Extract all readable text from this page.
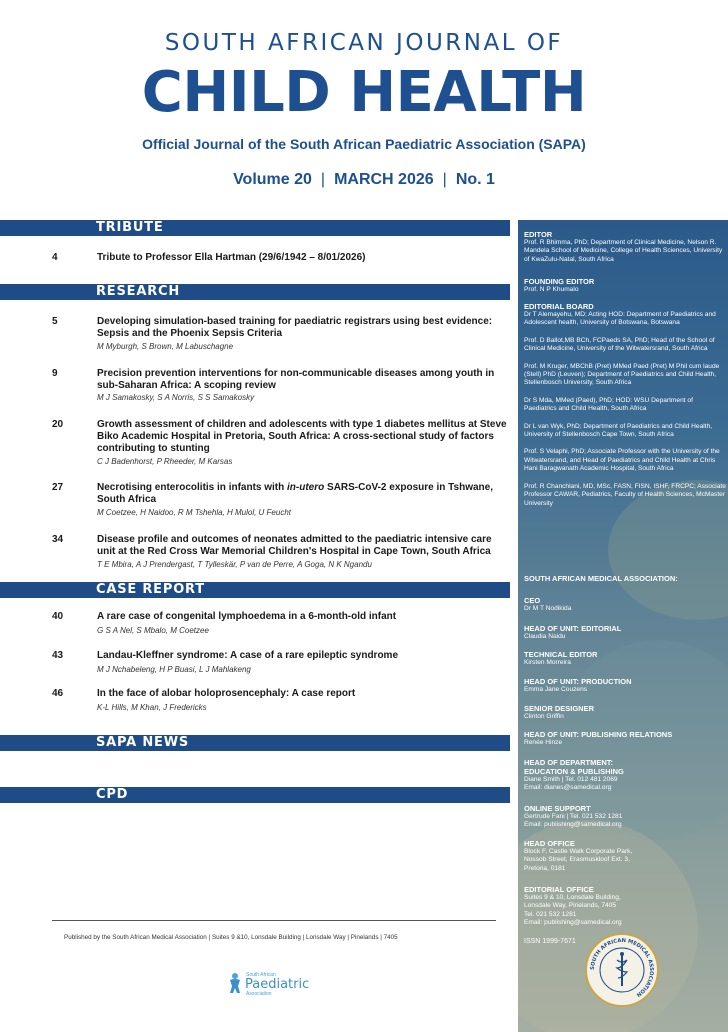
SOUTH AFRICAN JOURNAL OF
CHILD HEALTH
Official Journal of the South African Paediatric Association (SAPA)
Volume 20 | MARCH 2026 | No. 1
TRIBUTE
4	Tribute to Professor Ella Hartman (29/6/1942 – 8/01/2026)
RESEARCH
5	Developing simulation-based training for paediatric registrars using best evidence: Sepsis and the Phoenix Sepsis Criteria
M Myburgh, S Brown, M Labuschagne
9	Precision prevention interventions for non-communicable diseases among youth in sub-Saharan Africa: A scoping review
M J Samakosky, S A Norris, S S Samakosky
20	Growth assessment of children and adolescents with type 1 diabetes mellitus at Steve Biko Academic Hospital in Pretoria, South Africa: A cross-sectional study of factors contributing to stunting
C J Badenhorst, P Rheeder, M Karsas
27	Necrotising enterocolitis in infants with in-utero SARS-CoV-2 exposure in Tshwane, South Africa
M Coetzee, H Naidoo, R M Tshehla, H Mulol, U Feucht
34	Disease profile and outcomes of neonates admitted to the paediatric intensive care unit at the Red Cross War Memorial Children's Hospital in Cape Town, South Africa
T E Mbira, A J Prendergast, T Tylleskär, P van de Perre, A Goga, N K Ngandu
CASE REPORT
40	A rare case of congenital lymphoedema in a 6-month-old infant
G S A Nel, S Mbalo, M Coetzee
43	Landau-Kleffner syndrome: A case of a rare epileptic syndrome
M J Nchabeleng, H P Buasi, L J Mahlakeng
46	In the face of alobar holoprosencephaly: A case report
K-L Hills, M Khan, J Fredericks
SAPA NEWS
CPD
Published by the South African Medical Association | Suites 9 &10, Lonsdale Building | Lonsdale Way | Pinelands | 7405
South African
Paediatric
Association
EDITOR
Prof. R Bhimma, PhD; Department of Clinical Medicine, Nelson R. Mandela School of Medicine, College of Health Sciences, University of KwaZulu-Natal, South Africa
FOUNDING EDITOR
Prof. N P Khumalo
EDITORIAL BOARD
Dr T Alemayehu, MD; Acting HOD: Department of Paediatrics and Adolescent health, University of Botswana, Botswana
Prof. D Ballot,MB BCh, FCPaeds SA, PhD; Head of the School of Clinical Medicine, University of the Witwatersrand, South Africa
Prof. M Kruger, MBChB (Pret) MMed Paed (Pret) M Phil cum laude (Stell) PhD (Leuven); Department of Paediatrics and Child Health, Stellenbosch University, South Africa
Dr S Mda, MMed (Paed), PhD; HOD: WSU Department of Paediatrics and Child Health, South Africa
Dr L van Wyk, PhD; Department of Paediatrics and Child Health, University of Stellenbosch Cape Town, South Africa
Prof. S Velaphi, PhD; Associate Professor with the University of the Witwatersrand, and Head of Paediatrics and Child Health at Chris Hani Baragwanath Academic Hospital, South Africa
Prof. R Chanchlani, MD, MSc, FASN, FISN, ISHF, FRCPC; Associate Professor CAWAR, Pediatrics, Faculty of Health Sciences, McMaster University
SOUTH AFRICAN MEDICAL ASSOCIATION:
CEO
Dr M T Nodikida
HEAD OF UNIT: EDITORIAL
Claudia Naidu
TECHNICAL EDITOR
Kirsten Morreira
HEAD OF UNIT: PRODUCTION
Emma Jane Couzens
SENIOR DESIGNER
Clinton Griffin
HEAD OF UNIT: PUBLISHING RELATIONS
Renée Hinze
HEAD OF DEPARTMENT: EDUCATION & PUBLISHING
Diane Smith | Tel. 012 481 2069
Email: dianes@samedical.org
ONLINE SUPPORT
Gertrude Fani | Tel. 021 532 1281
Email: publishing@samedical.org
HEAD OFFICE
Block F, Castle Walk Corporate Park,
Nossob Street, Erasmuskloof Ext. 3,
Pretoria, 0181
EDITORIAL OFFICE
Suites 9 & 10, Lonsdale Building,
Lonsdale Way, Pinelands, 7405
Tel. 021 532 1281
Email: publishing@samedical.org
ISSN 1999-7671
SOUTH AFRICAN MEDICAL ASSOCIATION
